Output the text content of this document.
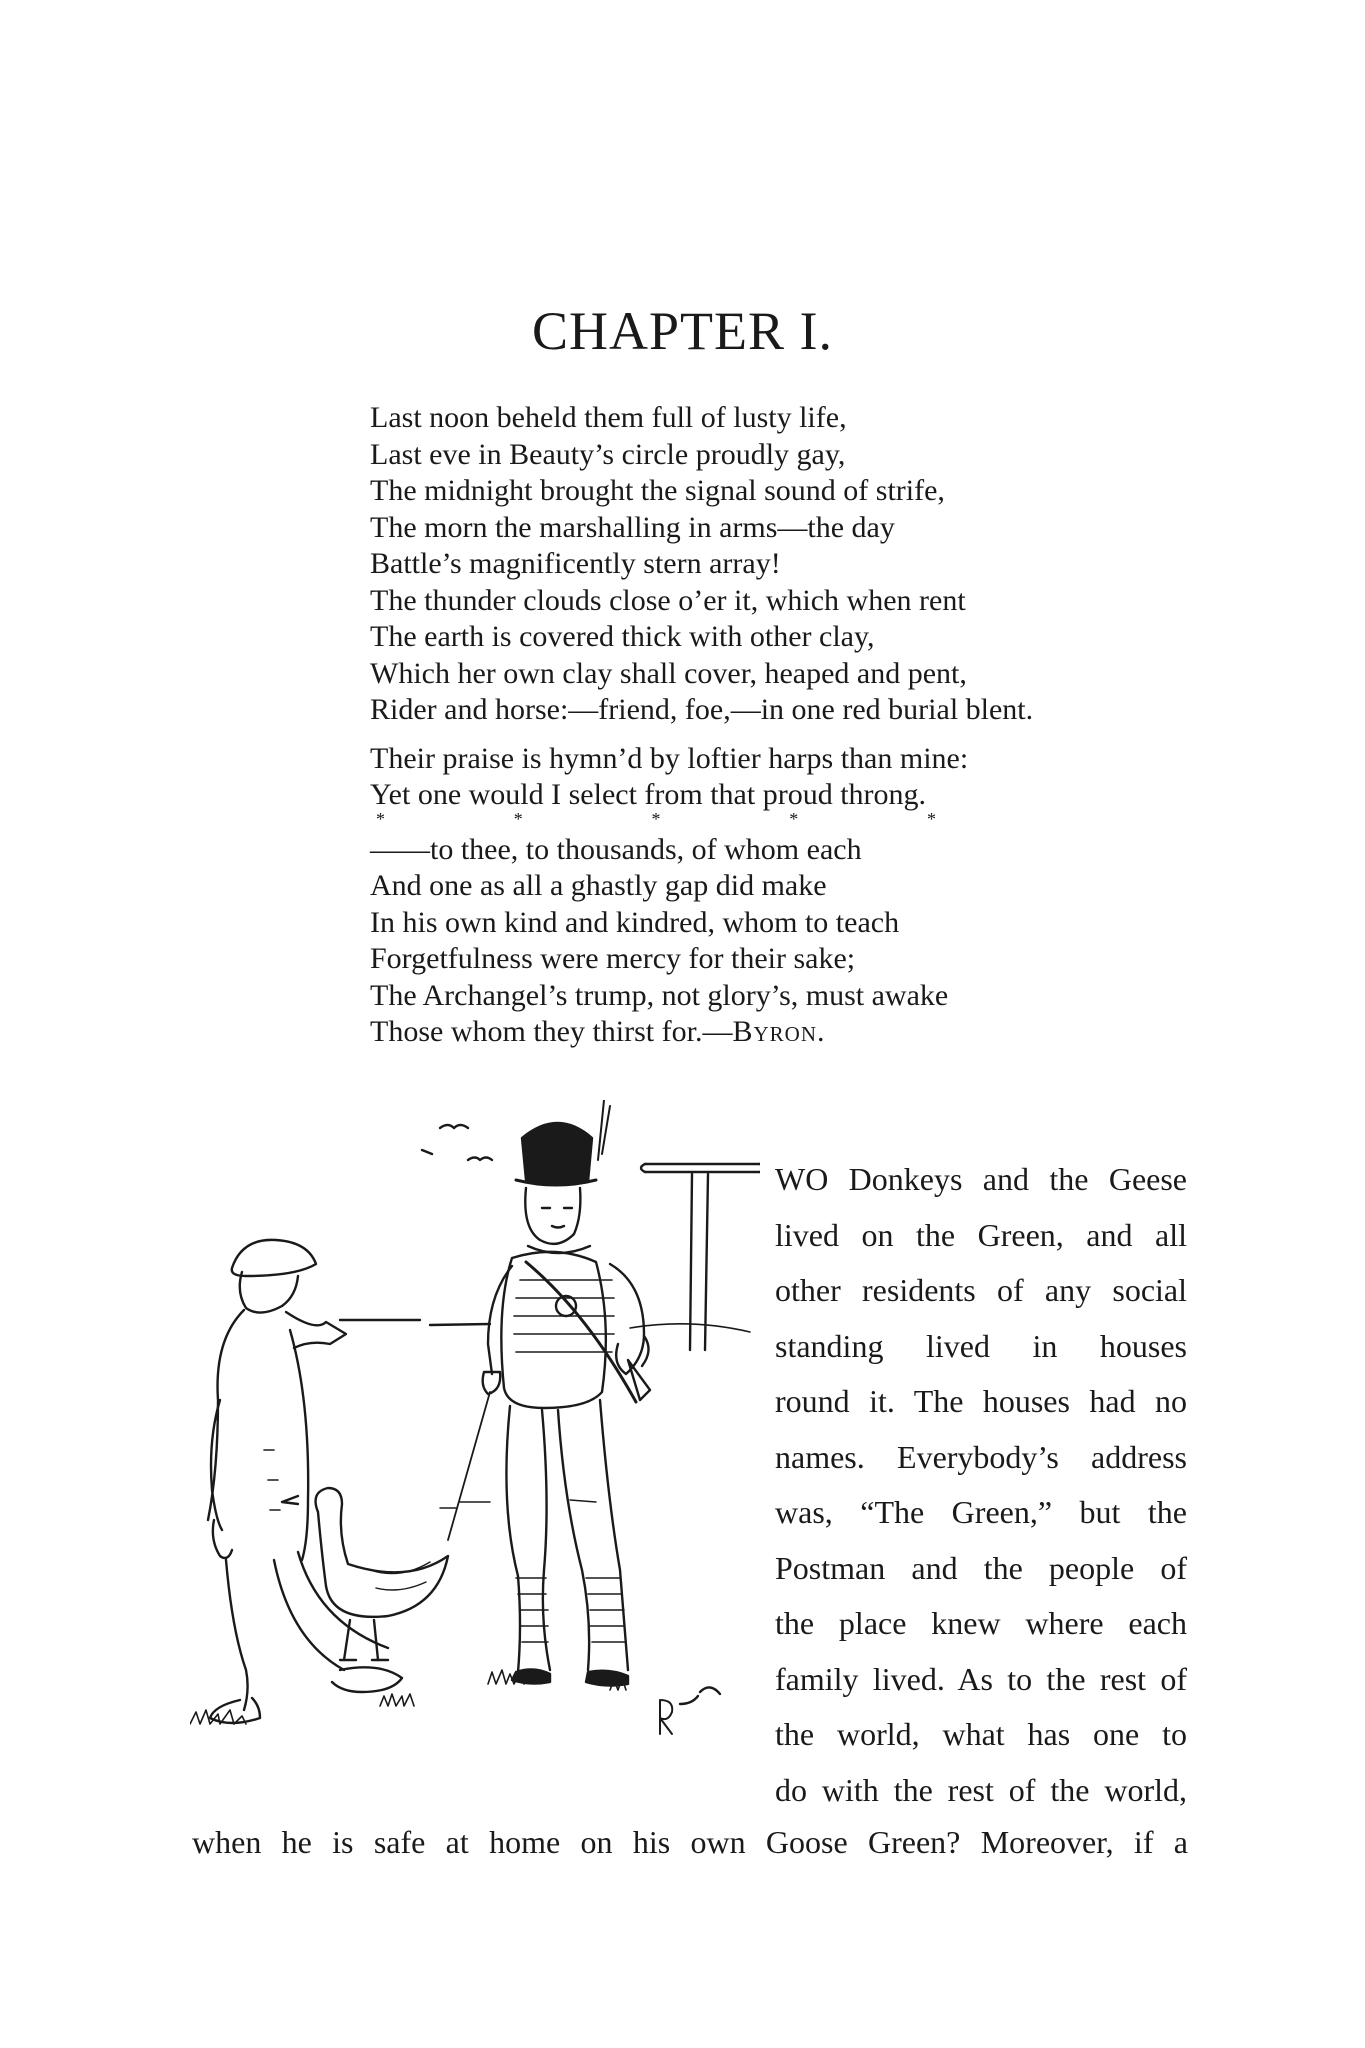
CHAPTER I.
Last noon beheld them full of lusty life,
Last eve in Beauty’s circle proudly gay,
The midnight brought the signal sound of strife,
The morn the marshalling in arms—the day
Battle’s magnificently stern array!
The thunder clouds close o’er it, which when rent
The earth is covered thick with other clay,
Which her own clay shall cover, heaped and pent,
Rider and horse:—friend, foe,—in one red burial blent.
Their praise is hymn’d by loftier harps than mine:
Yet one would I select from that proud throng.
*	*	*	*	*
——to thee, to thousands, of whom each
And one as all a ghastly gap did make
In his own kind and kindred, whom to teach
Forgetfulness were mercy for their sake;
The Archangel’s trump, not glory’s, must awake
Those whom they thirst for.—Byron.
T
R C
WO Donkeys and the Geese
lived on the Green, and all
other residents of any social
standing lived in houses
round it. The houses had no
names. Everybody’s address
was, “The Green,” but the
Postman and the people of
the place knew where each
family lived. As to the rest of
the world, what has one to
do with the rest of the world,
when he is safe at home on his own Goose Green? Moreover, if a
